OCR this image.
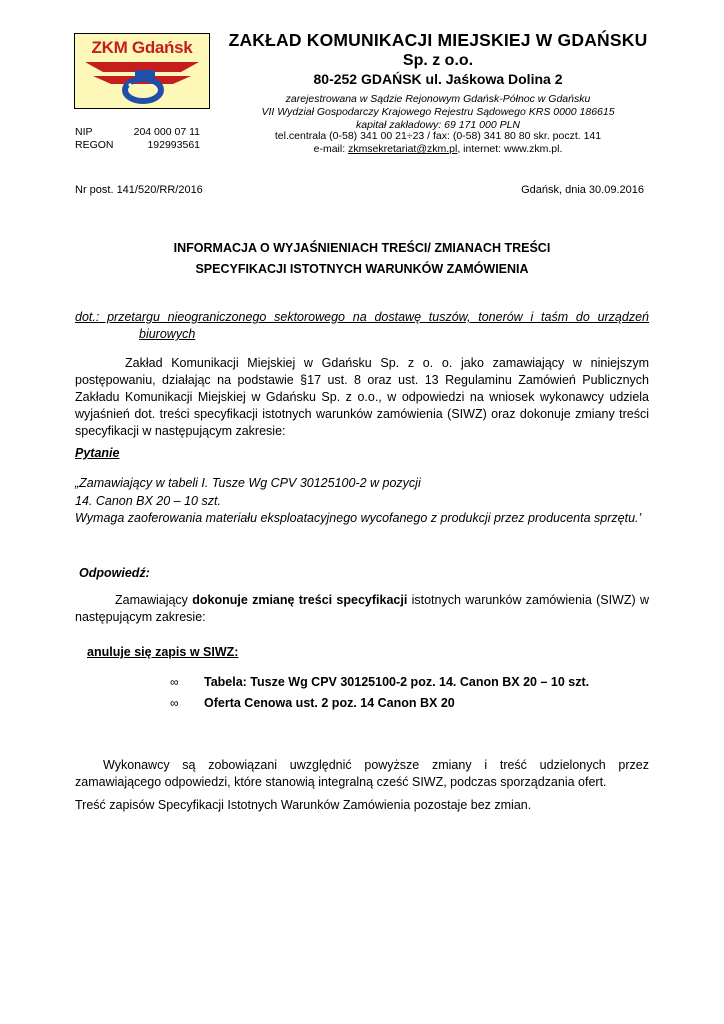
ZKM Gdańsk	ZAKŁAD KOMUNIKACJI MIEJSKIEJ W GDAŃSKU
Sp. z o.o.
80-252 GDAŃSK ul. Jaśkowa Dolina 2
zarejestrowana w Sądzie Rejonowym Gdańsk-Północ w Gdańsku
VII Wydział Gospodarczy Krajowego Rejestru Sądowego KRS 0000 186615
kapitał zakładowy: 69 171 000 PLN
tel.centrala (0-58) 341 00 21÷23 / fax: (0-58) 341 80 80 skr. poczt. 141
e-mail: zkmsekretariat@zkm.pl, internet: www.zkm.pl.
NIP	204 000 07 11
REGON	192993561
Nr post. 141/520/RR/2016	Gdańsk, dnia 30.09.2016
INFORMACJA O WYJAŚNIENIACH TREŚCI/ ZMIANACH TREŚCI
SPECYFIKACJI ISTOTNYCH WARUNKÓW ZAMÓWIENIA
dot.: przetargu nieograniczonego sektorowego na dostawę tuszów, tonerów i taśm do urządzeń
biurowych
Zakład Komunikacji Miejskiej w Gdańsku Sp. z o. o. jako zamawiający w niniejszym postępowaniu, działając na podstawie §17 ust. 8 oraz ust. 13 Regulaminu Zamówień Publicznych Zakładu Komunikacji Miejskiej w Gdańsku Sp. z o.o., w odpowiedzi na wniosek wykonawcy udziela wyjaśnień dot. treści specyfikacji istotnych warunków zamówienia (SIWZ) oraz dokonuje zmiany treści specyfikacji w następującym zakresie:
Pytanie
„Zamawiający w tabeli I. Tusze Wg CPV 30125100-2 w pozycji
14. Canon BX 20 – 10 szt.
Wymaga zaoferowania materiału eksploatacyjnego wycofanego z produkcji przez producenta sprzętu.’
Odpowiedź:
Zamawiający dokonuje zmianę treści specyfikacji istotnych warunków zamówienia (SIWZ) w następującym zakresie:
anuluje się zapis w SIWZ:
∞ Tabela: Tusze Wg CPV 30125100-2 poz. 14. Canon BX 20 – 10 szt.
∞ Oferta Cenowa ust. 2 poz. 14 Canon BX 20
Wykonawcy są zobowiązani uwzględnić powyższe zmiany i treść udzielonych przez zamawiającego odpowiedzi, które stanowią integralną cześć SIWZ, podczas sporządzania ofert.
Treść zapisów Specyfikacji Istotnych Warunków Zamówienia pozostaje bez zmian.
